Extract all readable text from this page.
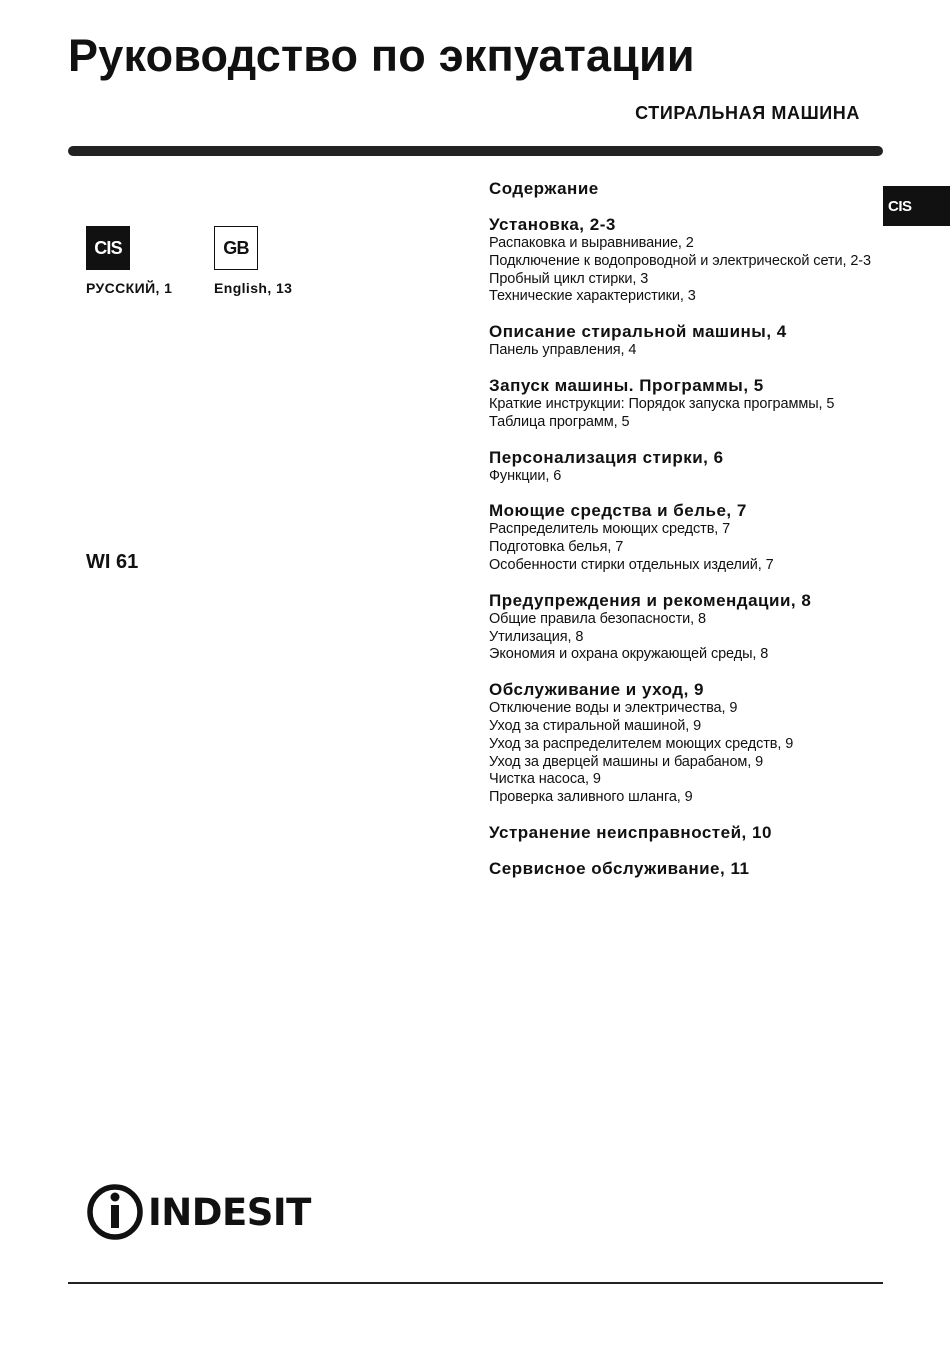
Руководство по экпуатации
СТИРАЛЬНАЯ МАШИНА
CIS
CIS
РУССКИЙ, 1
GB
English, 13
WI 61
Содержание
Установка, 2-3
Распаковка и выравнивание, 2
Подключение к водопроводной и электрической сети, 2-3
Пробный цикл стирки, 3
Технические характеристики, 3
Описание стиральной машины, 4
Панель управления, 4
Запуск машины. Программы, 5
Краткие инструкции: Порядок запуска программы, 5
Таблица программ, 5
Персонализация стирки, 6
Функции, 6
Моющие средства и белье, 7
Распределитель моющих средств, 7
Подготовка белья, 7
Особенности стирки отдельных изделий, 7
Предупреждения и рекомендации, 8
Общие правила безопасности, 8
Утилизация, 8
Экономия и охрана окружающей среды, 8
Обслуживание и уход, 9
Отключение воды и электричества, 9
Уход за стиральной машиной, 9
Уход за распределителем моющих средств, 9
Уход за дверцей машины и барабаном, 9
Чистка насоса, 9
Проверка заливного шланга, 9
Устранение неисправностей, 10
Сервисное обслуживание, 11
INDESIT
